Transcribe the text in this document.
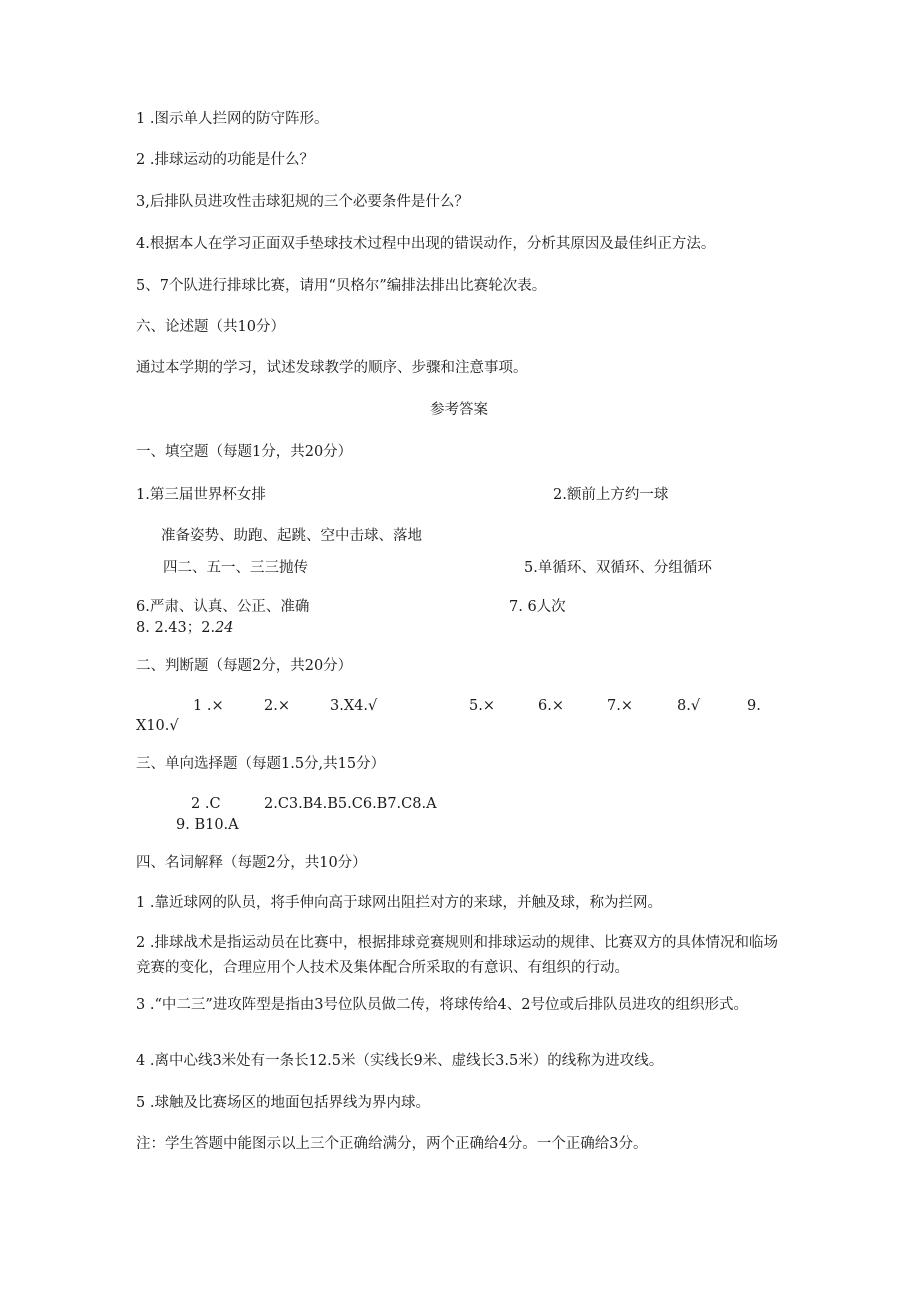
1 .图示单人拦网的防守阵形。
2 .排球运动的功能是什么？
3,后排队员进攻性击球犯规的三个必要条件是什么？
4.根据本人在学习正面双手垫球技术过程中出现的错误动作，分析其原因及最佳纠正方法。
5、7个队进行排球比赛，请用“贝格尔”编排法排出比赛轮次表。
六、论述题（共10分）
通过本学期的学习，试述发球教学的顺序、步骤和注意事项。
参考答案
一、填空题（每题1分，共20分）
1.第三届世界杯女排	2.额前上方约一球
准备姿势、助跑、起跳、空中击球、落地
四二、五一、三三抛传	5.单循环、双循环、分组循环
6.严肃、认真、公正、准确	7. 6人次
8. 2.43；2.24
二、判断题（每题2分，共20分）
1 .×	2.×	3.X4.√	5.×	6.×	7.×	8.√	9.
X10.√
三、单向选择题（每题1.5分,共15分）
2 .C	2.C3.B4.B5.C6.B7.C8.A
9. B10.A
四、名词解释（每题2分，共10分）
1 .靠近球网的队员，将手伸向高于球网出阻拦对方的来球，并触及球，称为拦网。
2 .排球战术是指运动员在比赛中，根据排球竞赛规则和排球运动的规律、比赛双方的具体情况和临场竞赛的变化，合理应用个人技术及集体配合所采取的有意识、有组织的行动。
3 .“中二三”进攻阵型是指由3号位队员做二传，将球传给4、2号位或后排队员进攻的组织形式。
4 .离中心线3米处有一条长12.5米（实线长9米、虚线长3.5米）的线称为进攻线。
5 .球触及比赛场区的地面包括界线为界内球。
注：学生答题中能图示以上三个正确给满分，两个正确给4分。一个正确给3分。
